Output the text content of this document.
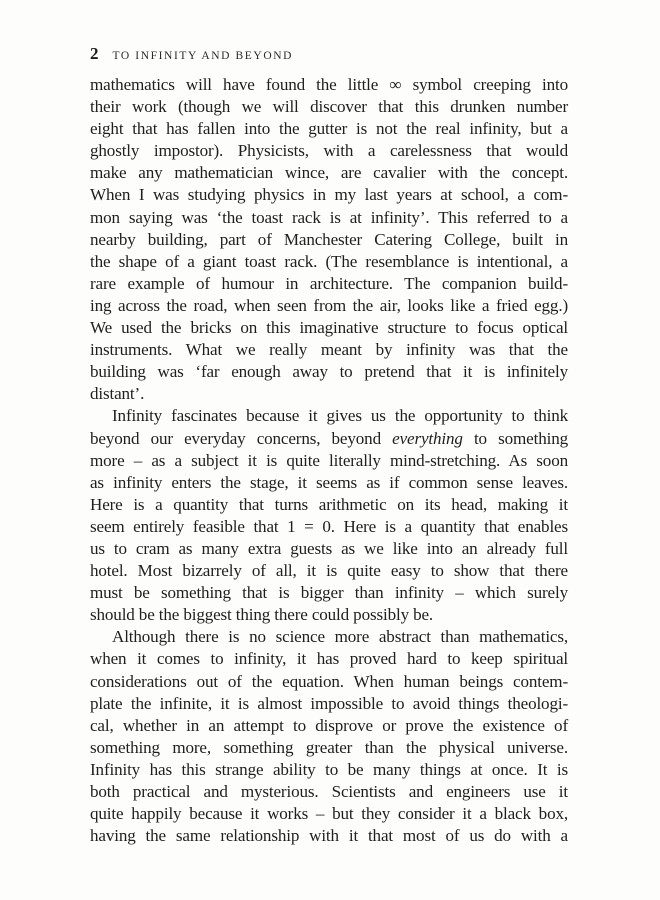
2 TO INFINITY AND BEYOND
mathematics will have found the little ∞ symbol creeping into
their work (though we will discover that this drunken number
eight that has fallen into the gutter is not the real infinity, but a
ghostly impostor). Physicists, with a carelessness that would
make any mathematician wince, are cavalier with the concept.
When I was studying physics in my last years at school, a com-
mon saying was ‘the toast rack is at infinity’. This referred to a
nearby building, part of Manchester Catering College, built in
the shape of a giant toast rack. (The resemblance is intentional, a
rare example of humour in architecture. The companion build-
ing across the road, when seen from the air, looks like a fried egg.)
We used the bricks on this imaginative structure to focus optical
instruments. What we really meant by infinity was that the
building was ‘far enough away to pretend that it is infinitely
distant’.
Infinity fascinates because it gives us the opportunity to think
beyond our everyday concerns, beyond everything to something
more – as a subject it is quite literally mind-stretching. As soon
as infinity enters the stage, it seems as if common sense leaves.
Here is a quantity that turns arithmetic on its head, making it
seem entirely feasible that 1 = 0. Here is a quantity that enables
us to cram as many extra guests as we like into an already full
hotel. Most bizarrely of all, it is quite easy to show that there
must be something that is bigger than infinity – which surely
should be the biggest thing there could possibly be.
Although there is no science more abstract than mathematics,
when it comes to infinity, it has proved hard to keep spiritual
considerations out of the equation. When human beings contem-
plate the infinite, it is almost impossible to avoid things theologi-
cal, whether in an attempt to disprove or prove the existence of
something more, something greater than the physical universe.
Infinity has this strange ability to be many things at once. It is
both practical and mysterious. Scientists and engineers use it
quite happily because it works – but they consider it a black box,
having the same relationship with it that most of us do with a
